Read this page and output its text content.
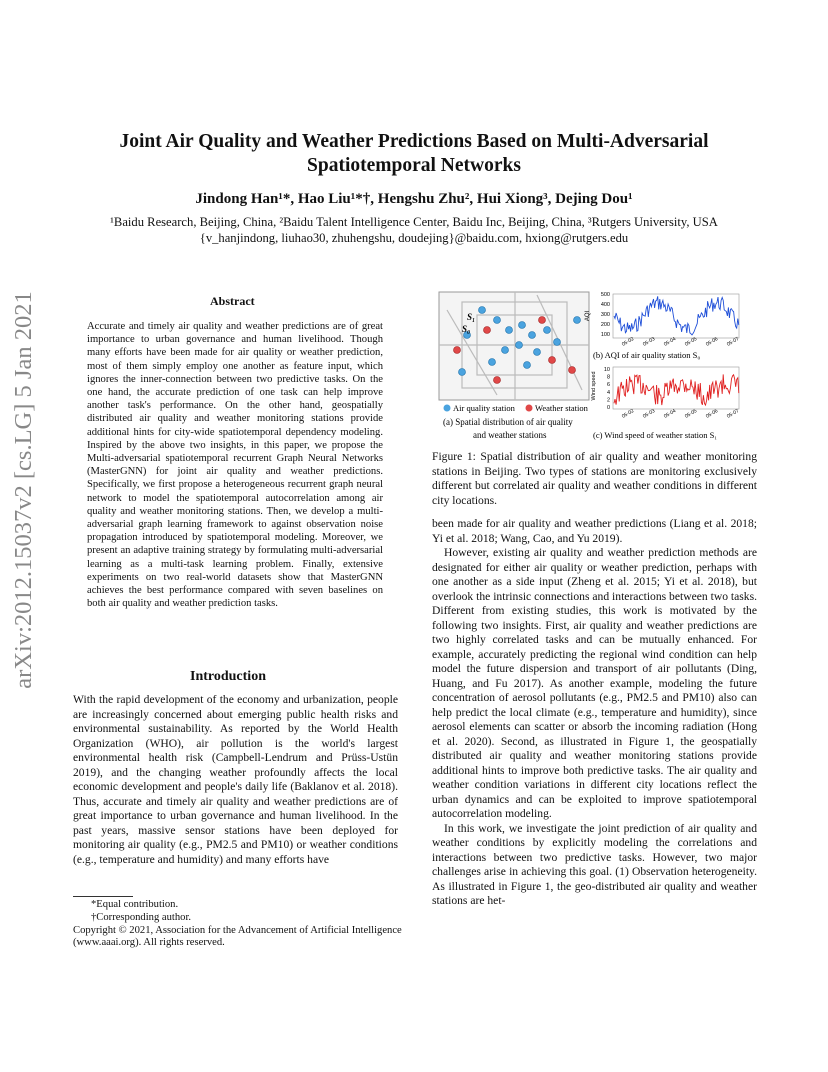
arXiv:2012.15037v2 [cs.LG] 5 Jan 2021
Joint Air Quality and Weather Predictions Based on Multi-Adversarial
Spatiotemporal Networks
Jindong Han¹*, Hao Liu¹*†, Hengshu Zhu², Hui Xiong³, Dejing Dou¹
¹Baidu Research, Beijing, China, ²Baidu Talent Intelligence Center, Baidu Inc, Beijing, China, ³Rutgers University, USA
{v_hanjindong, liuhao30, zhuhengshu, doudejing}@baidu.com, hxiong@rutgers.edu
Abstract
Accurate and timely air quality and weather predictions are of great importance to urban governance and human livelihood. Though many efforts have been made for air quality or weather prediction, most of them simply employ one another as feature input, which ignores the inner-connection between two predictive tasks. On the one hand, the accurate prediction of one task can help improve another task's performance. On the other hand, geospatially distributed air quality and weather monitoring stations provide additional hints for city-wide spatiotemporal dependency modeling. Inspired by the above two insights, in this paper, we propose the Multi-adversarial spatiotemporal recurrent Graph Neural Networks (MasterGNN) for joint air quality and weather predictions. Specifically, we first propose a heterogeneous recurrent graph neural network to model the spatiotemporal autocorrelation among air quality and weather monitoring stations. Then, we develop a multi-adversarial graph learning framework to against observation noise propagation introduced by spatiotemporal modeling. Moreover, we present an adaptive training strategy by formulating multi-adversarial learning as a multi-task learning problem. Finally, extensive experiments on two real-world datasets show that MasterGNN achieves the best performance compared with seven baselines on both air quality and weather prediction tasks.
Introduction
With the rapid development of the economy and urbanization, people are increasingly concerned about emerging public health risks and environmental sustainability. As reported by the World Health Organization (WHO), air pollution is the world's largest environmental health risk (Campbell-Lendrum and Prüss-Ustün 2019), and the changing weather profoundly affects the local economic development and people's daily life (Baklanov et al. 2018). Thus, accurate and timely air quality and weather predictions are of great importance to urban governance and human livelihood. In the past years, massive sensor stations have been deployed for monitoring air quality (e.g., PM2.5 and PM10) or weather conditions (e.g., temperature and humidity) and many efforts have
*Equal contribution.
†Corresponding author.
Copyright © 2021, Association for the Advancement of Artificial Intelligence (www.aaai.org). All rights reserved.
S₁
S₀
Air quality station Weather station
(a) Spatial distribution of air quality
and weather stations
500
400
300
200
100
AQI
05-02 05-03 05-04 05-05 05-06 05-07
(b) AQI of air quality station S₀
10
8
6
4
2
0
Wind speed
05-02 05-03 05-04 05-05 05-06 05-07
(c) Wind speed of weather station S₁
Figure 1: Spatial distribution of air quality and weather monitoring stations in Beijing. Two types of stations are monitoring exclusively different but correlated air quality and weather conditions in different city locations.

been made for air quality and weather predictions (Liang et al. 2018; Yi et al. 2018; Wang, Cao, and Yu 2019).

However, existing air quality and weather prediction methods are designated for either air quality or weather prediction, perhaps with one another as a side input (Zheng et al. 2015; Yi et al. 2018), but overlook the intrinsic connections and interactions between two tasks. Different from existing studies, this work is motivated by the following two insights. First, air quality and weather predictions are two highly correlated tasks and can be mutually enhanced. For example, accurately predicting the regional wind condition can help model the future dispersion and transport of air pollutants (Ding, Huang, and Fu 2017). As another example, modeling the future concentration of aerosol pollutants (e.g., PM2.5 and PM10) also can help predict the local climate (e.g., temperature and humidity), since aerosol elements can scatter or absorb the incoming radiation (Hong et al. 2020). Second, as illustrated in Figure 1, the geospatially distributed air quality and weather monitoring stations provide additional hints to improve both predictive tasks. The air quality and weather condition variations in different city locations reflect the urban dynamics and can be exploited to improve spatiotemporal autocorrelation modeling.

In this work, we investigate the joint prediction of air quality and weather conditions by explicitly modeling the correlations and interactions between two predictive tasks. However, two major challenges arise in achieving this goal. (1) Observation heterogeneity. As illustrated in Figure 1, the geo-distributed air quality and weather stations are het-
